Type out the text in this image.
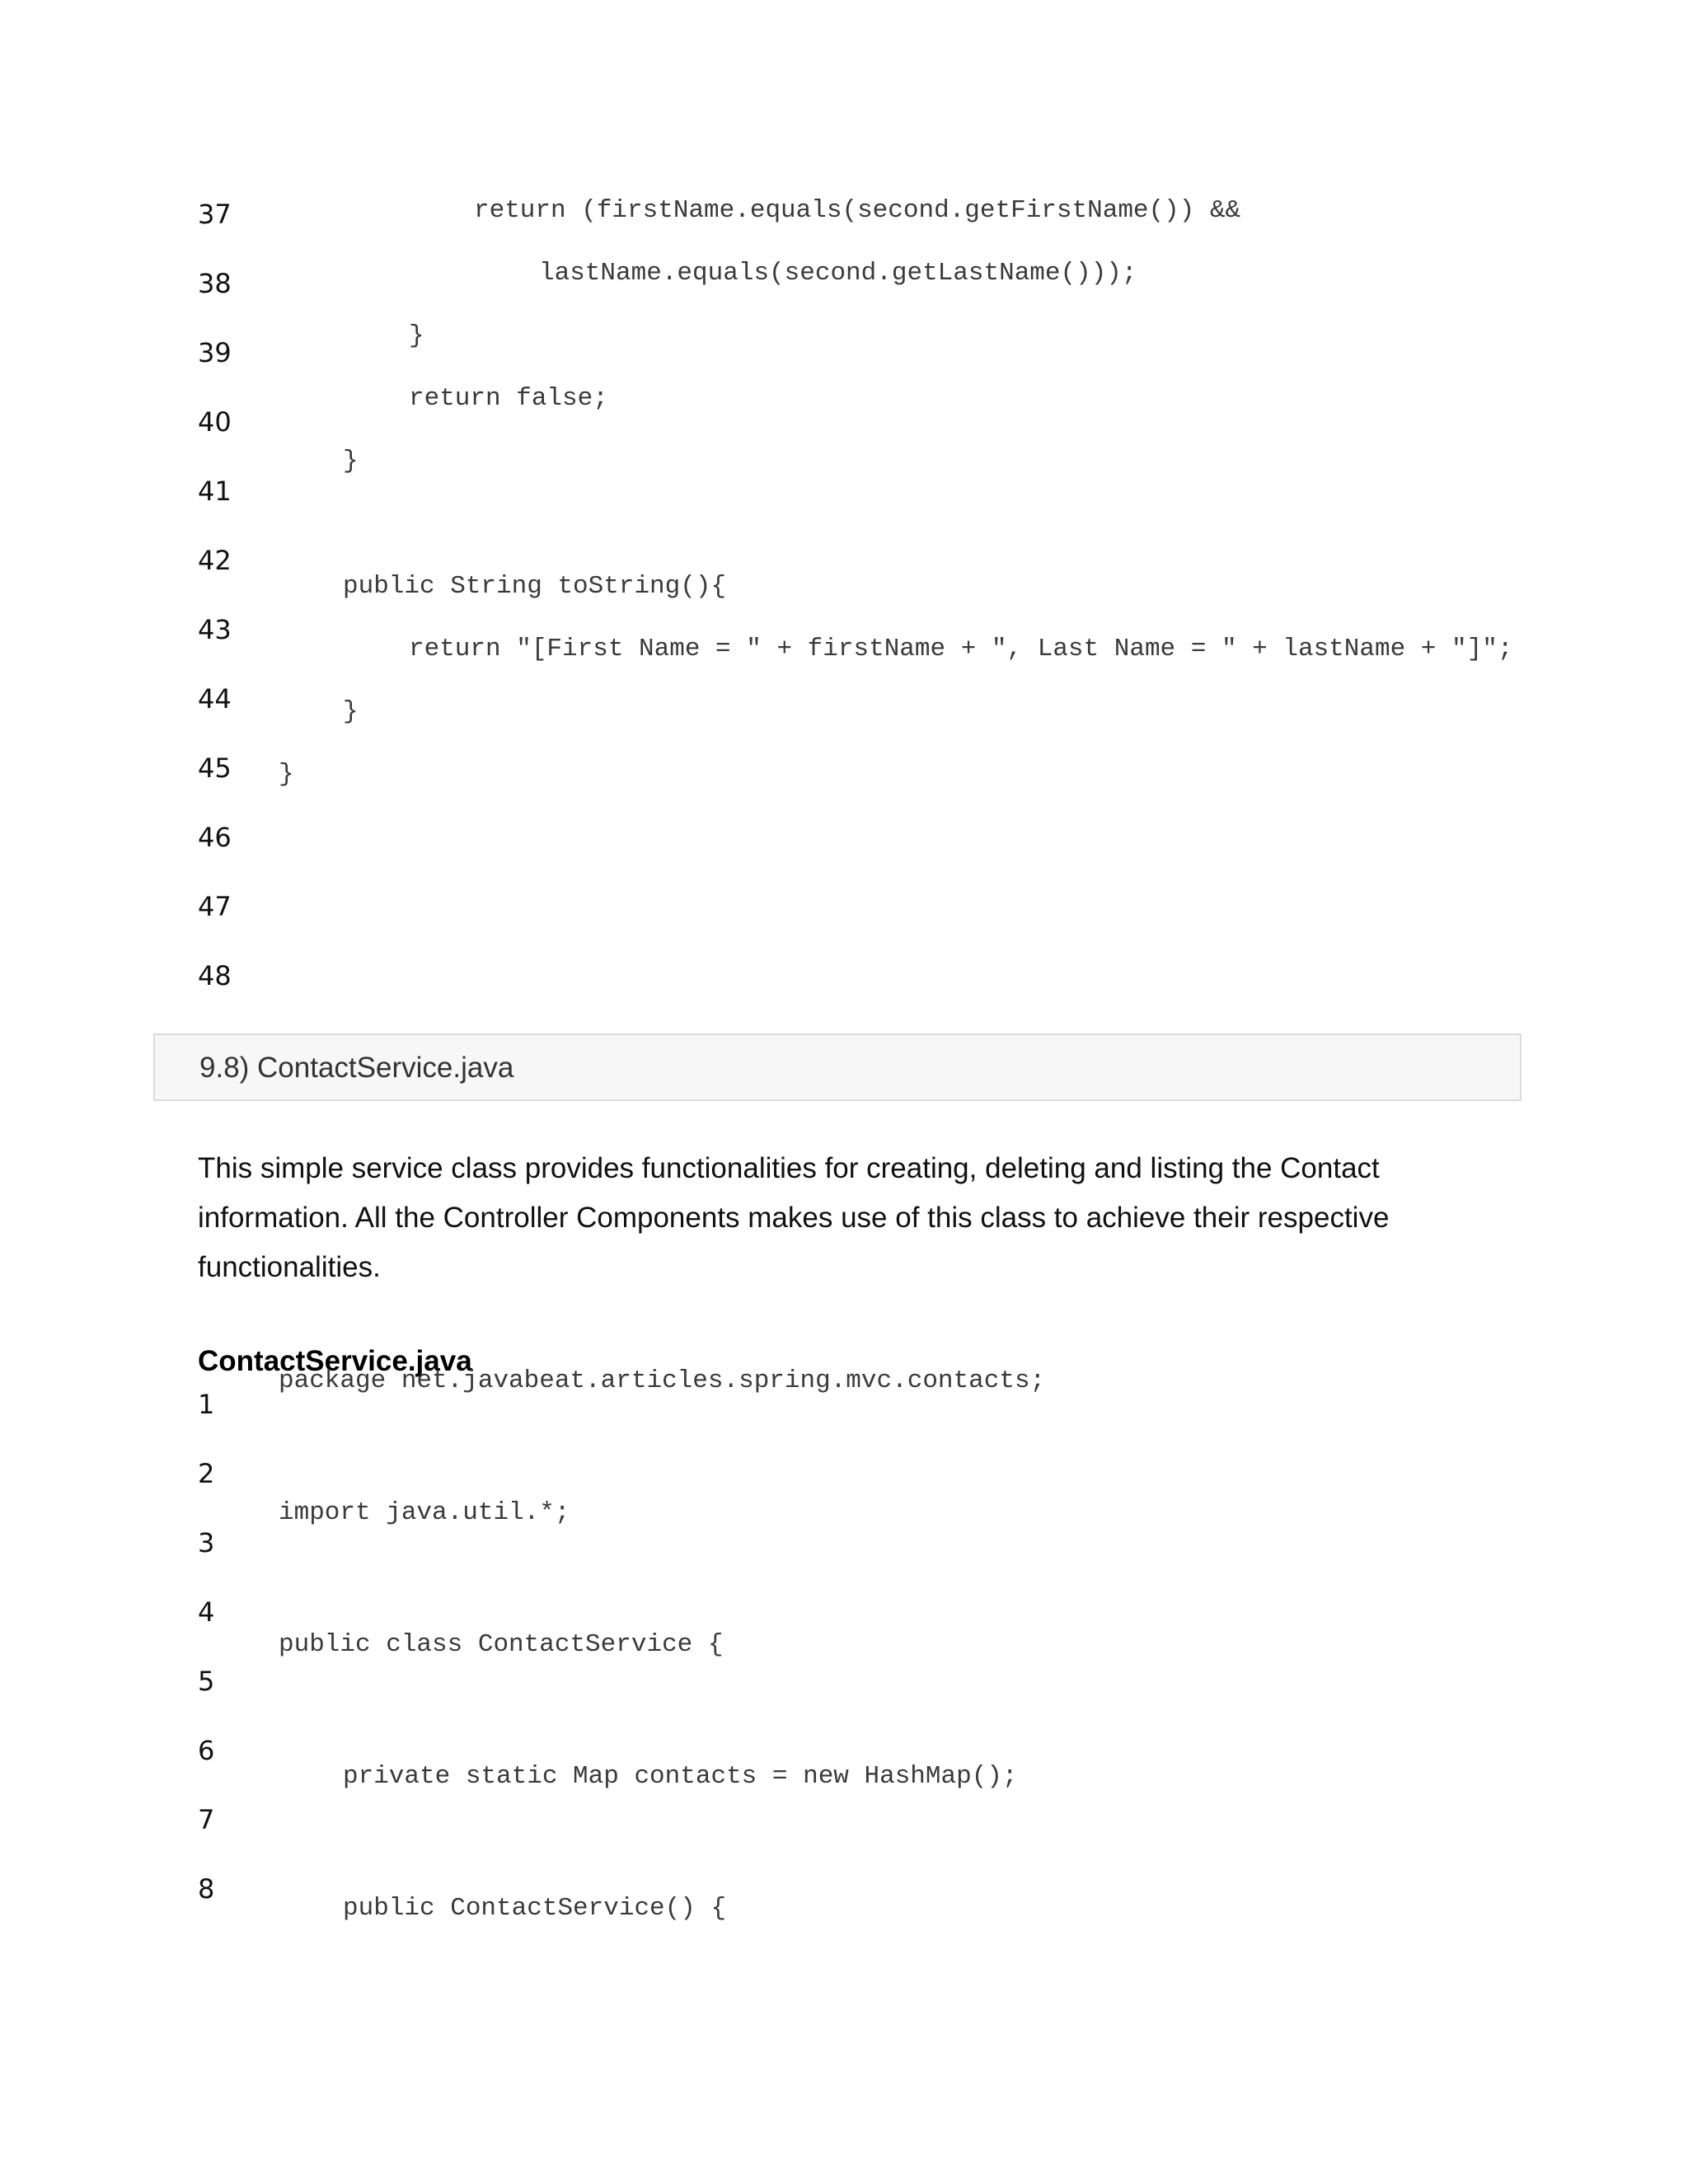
37
38
39
40
41
42
43
44
45
46
47
48
return (firstName.equals(second.getFirstName()) &&
lastName.equals(second.getLastName()));
}
return false;
}
public String toString(){
return "[First Name = " + firstName + ", Last Name = " + lastName + "]";
}
}
9.8) ContactService.java
This simple service class provides functionalities for creating, deleting and listing the Contact
information. All the Controller Components makes use of this class to achieve their respective
functionalities.
ContactService.java
1
2
3
4
5
6
7
8
package net.javabeat.articles.spring.mvc.contacts;
import java.util.*;
public class ContactService {
private static Map contacts = new HashMap();
public ContactService() {
